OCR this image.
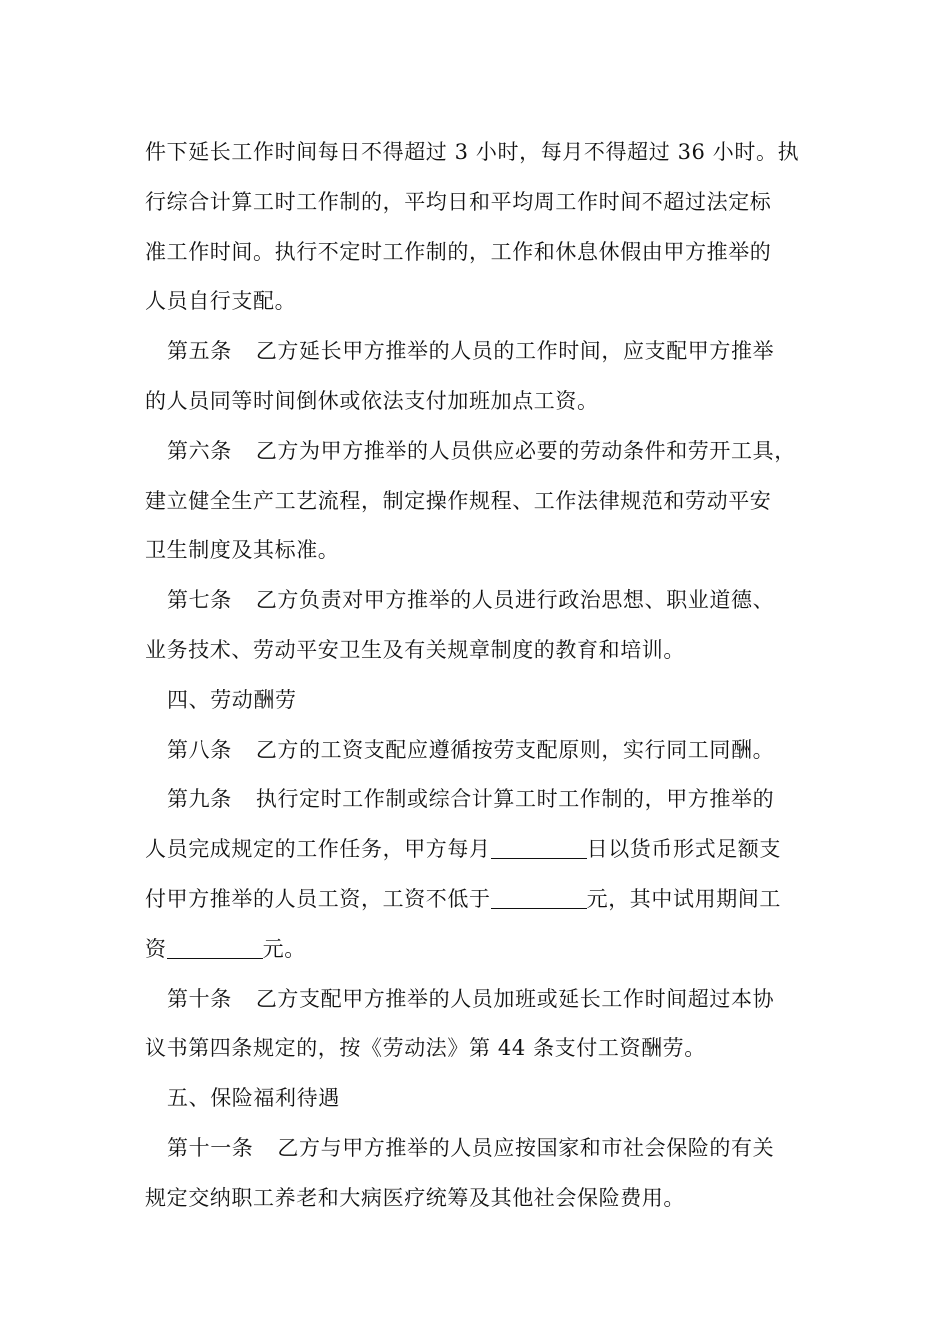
件下延长工作时间每日不得超过 3 小时，每月不得超过 36 小时。执
行综合计算工时工作制的，平均日和平均周工作时间不超过法定标
准工作时间。执行不定时工作制的，工作和休息休假由甲方推举的
人员自行支配。
第五条 乙方延长甲方推举的人员的工作时间，应支配甲方推举
的人员同等时间倒休或依法支付加班加点工资。
第六条 乙方为甲方推举的人员供应必要的劳动条件和劳开工具，
建立健全生产工艺流程，制定操作规程、工作法律规范和劳动平安
卫生制度及其标准。
第七条 乙方负责对甲方推举的人员进行政治思想、职业道德、
业务技术、劳动平安卫生及有关规章制度的教育和培训。
四、劳动酬劳
第八条 乙方的工资支配应遵循按劳支配原则，实行同工同酬。
第九条 执行定时工作制或综合计算工时工作制的，甲方推举的
人员完成规定的工作任务，甲方每月	日以货币形式足额支
付甲方推举的人员工资，工资不低于	元，其中试用期间工
资	元。
第十条 乙方支配甲方推举的人员加班或延长工作时间超过本协
议书第四条规定的，按《劳动法》第 44 条支付工资酬劳。
五、保险福利待遇
第十一条 乙方与甲方推举的人员应按国家和市社会保险的有关
规定交纳职工养老和大病医疗统筹及其他社会保险费用。
